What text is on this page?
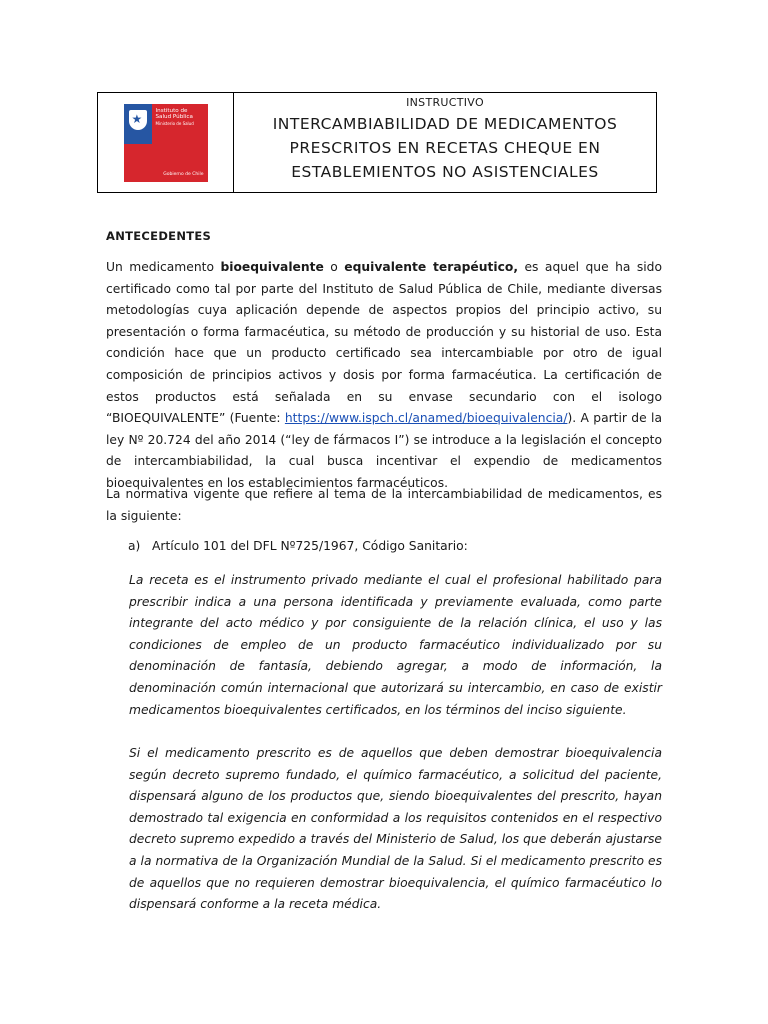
★
Instituto de
Salud Pública
Ministerio de Salud
Gobierno de Chile

INSTRUCTIVO

INTERCAMBIABILIDAD DE MEDICAMENTOS
PRESCRITOS EN RECETAS CHEQUE EN
ESTABLEMIENTOS NO ASISTENCIALES

ANTECEDENTES

Un medicamento bioequivalente o equivalente terapéutico, es aquel que ha sido certificado como tal por parte del Instituto de Salud Pública de Chile, mediante diversas metodologías cuya aplicación depende de aspectos propios del principio activo, su presentación o forma farmacéutica, su método de producción y su historial de uso. Esta condición hace que un producto certificado sea intercambiable por otro de igual composición de principios activos y dosis por forma farmacéutica. La certificación de estos productos está señalada en su envase secundario con el isologo “BIOEQUIVALENTE” (Fuente: https://www.ispch.cl/anamed/bioequivalencia/). A partir de la ley Nº 20.724 del año 2014 (“ley de fármacos I”) se introduce a la legislación el concepto de intercambiabilidad, la cual busca incentivar el expendio de medicamentos bioequivalentes en los establecimientos farmacéuticos.

La normativa vigente que refiere al tema de la intercambiabilidad de medicamentos, es la siguiente:

a) Artículo 101 del DFL Nº725/1967, Código Sanitario:

La receta es el instrumento privado mediante el cual el profesional habilitado para prescribir indica a una persona identificada y previamente evaluada, como parte integrante del acto médico y por consiguiente de la relación clínica, el uso y las condiciones de empleo de un producto farmacéutico individualizado por su denominación de fantasía, debiendo agregar, a modo de información, la denominación común internacional que autorizará su intercambio, en caso de existir medicamentos bioequivalentes certificados, en los términos del inciso siguiente.

Si el medicamento prescrito es de aquellos que deben demostrar bioequivalencia según decreto supremo fundado, el químico farmacéutico, a solicitud del paciente, dispensará alguno de los productos que, siendo bioequivalentes del prescrito, hayan demostrado tal exigencia en conformidad a los requisitos contenidos en el respectivo decreto supremo expedido a través del Ministerio de Salud, los que deberán ajustarse a la normativa de la Organización Mundial de la Salud. Si el medicamento prescrito es de aquellos que no requieren demostrar bioequivalencia, el químico farmacéutico lo dispensará conforme a la receta médica.
